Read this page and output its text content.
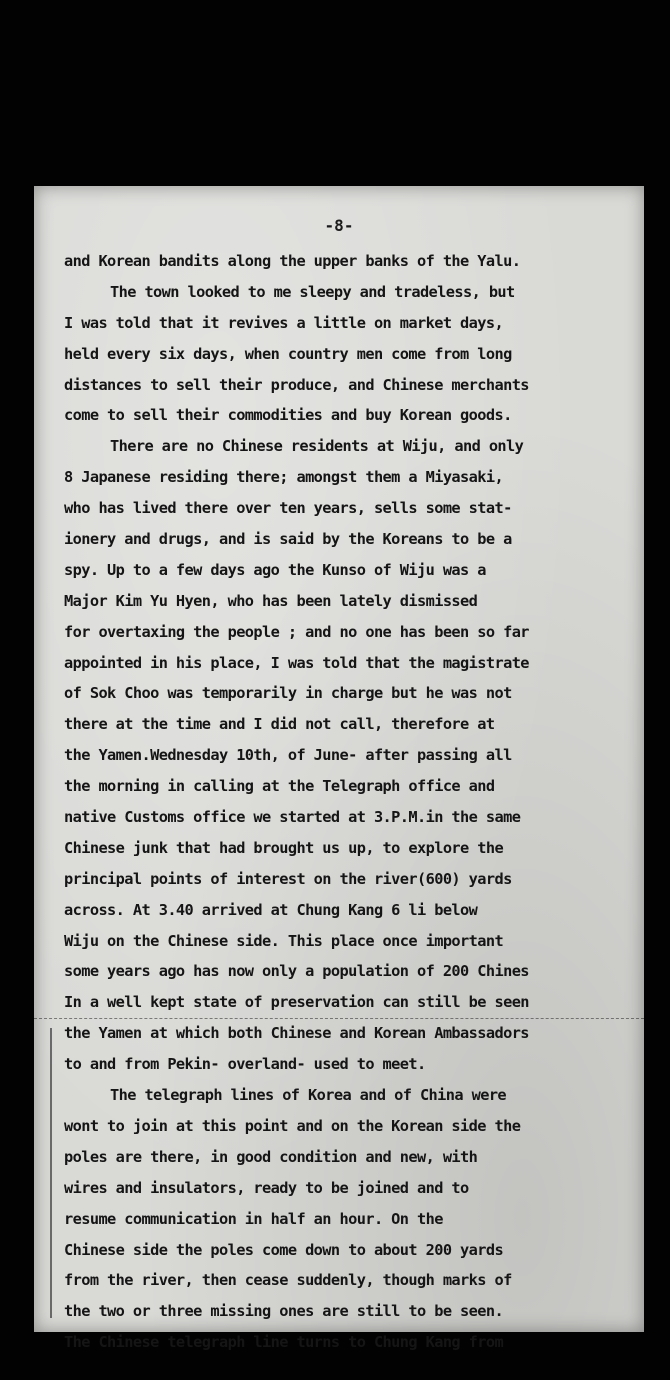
-8-
and Korean bandits along the upper banks of the Yalu.
The town looked to me sleepy and tradeless, but
I was told that it revives a little on market days,
held every six days, when country men come from long
distances to sell their produce, and Chinese merchants
come to sell their commodities and buy Korean goods.
There are no Chinese residents at Wiju, and only
8 Japanese residing there; amongst them a Miyasaki,
who has lived there over ten years, sells some stat-
ionery and drugs, and is said by the Koreans to be a
spy. Up to a few days ago the Kunso of Wiju was a
Major Kim Yu Hyen, who has been lately dismissed
for overtaxing the people ; and no one has been so far
appointed in his place, I was told that the magistrate
of Sok Choo was temporarily in charge but he was not
there at the time and I did not call, therefore at
the Yamen.Wednesday 10th, of June- after passing all
the morning in calling at the Telegraph office and
native Customs office we started at 3.P.M.in the same
Chinese junk that had brought us up, to explore the
principal points of interest on the river(600) yards
across. At 3.40 arrived at Chung Kang 6 li below
Wiju on the Chinese side. This place once important
some years ago has now only a population of 200 Chines
In a well kept state of preservation can still be seen
the Yamen at which both Chinese and Korean Ambassadors
to and from Pekin- overland- used to meet.
The telegraph lines of Korea and of China were
wont to join at this point and on the Korean side the
poles are there, in good condition and new, with
wires and insulators, ready to be joined and to
resume communication in half an hour. On the
Chinese side the poles come down to about 200 yards
from the river, then cease suddenly, though marks of
the two or three missing ones are still to be seen.
The Chinese telegraph line turns to Chung Kang from
